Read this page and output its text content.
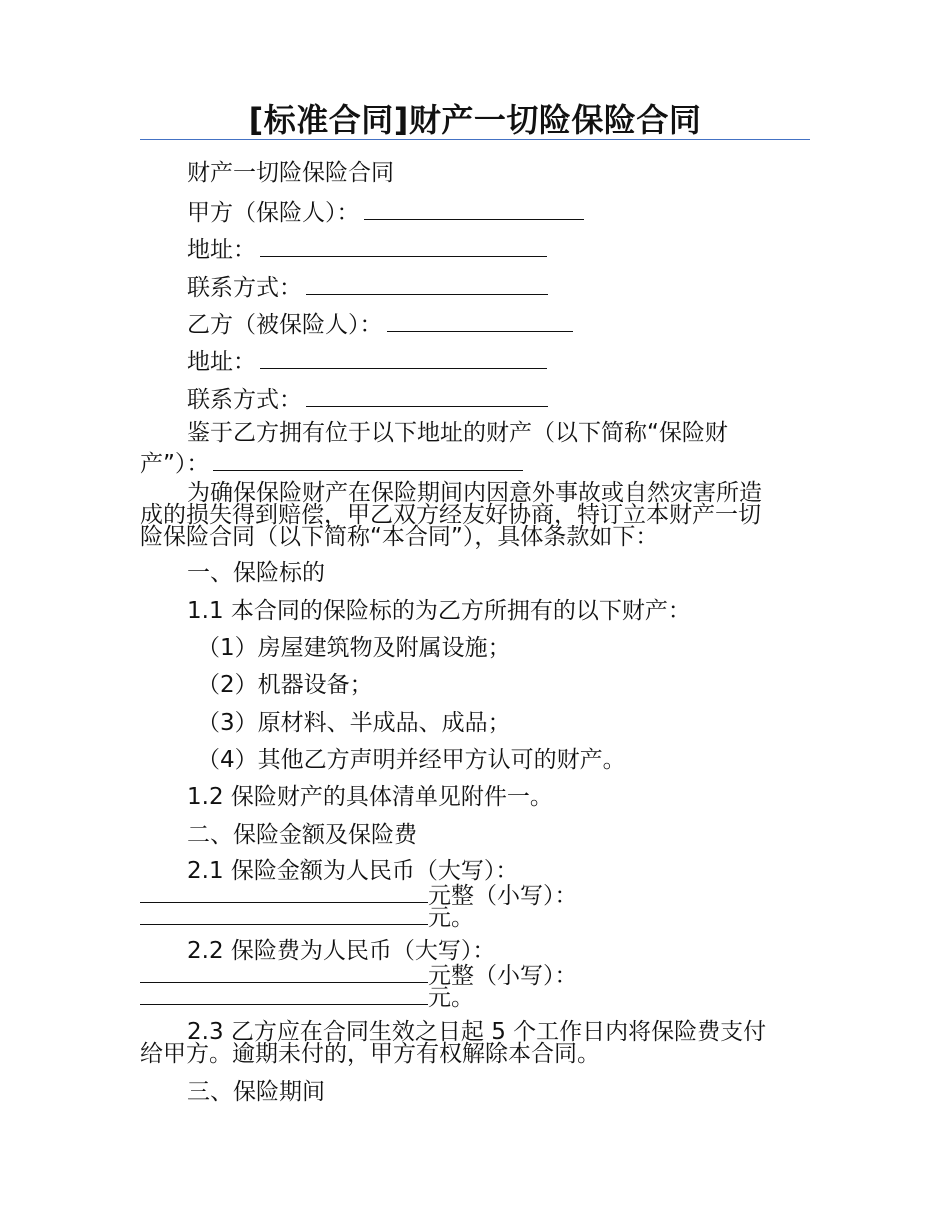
[标准合同]财产一切险保险合同
财产一切险保险合同
甲方（保险人）：
地址：
联系方式：
乙方（被保险人）：
地址：
联系方式：
鉴于乙方拥有位于以下地址的财产（以下简称“保险财
产”）：
为确保保险财产在保险期间内因意外事故或自然灾害所造
成的损失得到赔偿，甲乙双方经友好协商，特订立本财产一切
险保险合同（以下简称“本合同”），具体条款如下：
一、保险标的
1.1 本合同的保险标的为乙方所拥有的以下财产：
（1）房屋建筑物及附属设施；
（2）机器设备；
（3）原材料、半成品、成品；
（4）其他乙方声明并经甲方认可的财产。
1.2 保险财产的具体清单见附件一。
二、保险金额及保险费
2.1 保险金额为人民币（大写）：
元整（小写）：
元。
2.2 保险费为人民币（大写）：
元整（小写）：
元。
2.3 乙方应在合同生效之日起 5 个工作日内将保险费支付
给甲方。逾期未付的，甲方有权解除本合同。
三、保险期间
